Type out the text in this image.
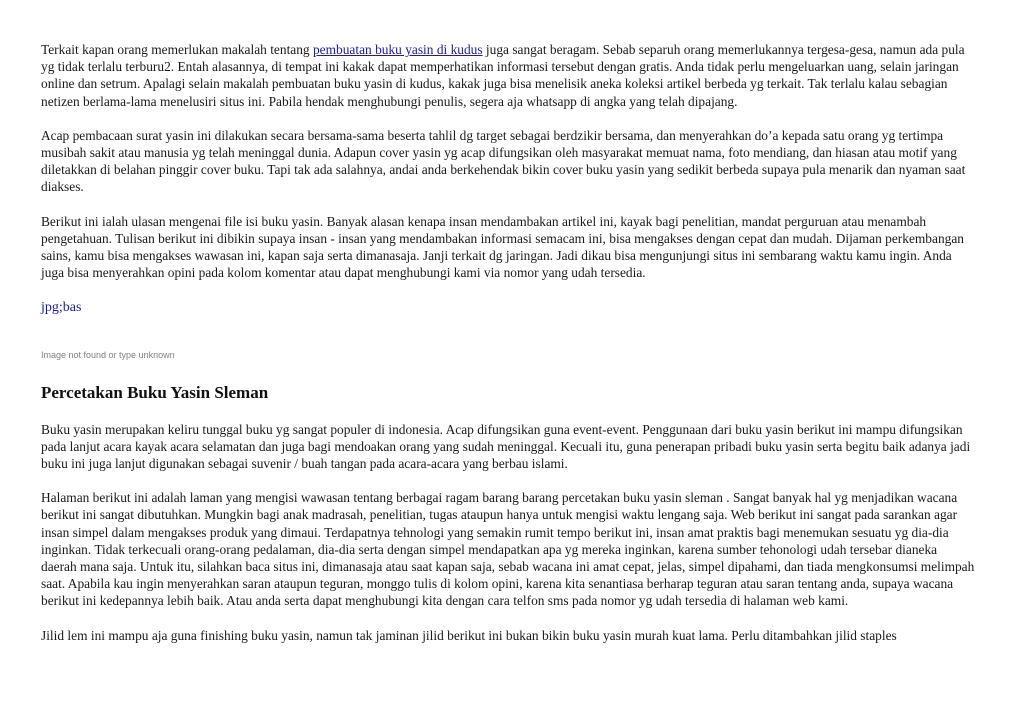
Terkait kapan orang memerlukan makalah tentang pembuatan buku yasin di kudus juga sangat beragam. Sebab separuh orang memerlukannya tergesa-gesa, namun ada pula yg tidak terlalu terburu2. Entah alasannya, di tempat ini kakak dapat memperhatikan informasi tersebut dengan gratis. Anda tidak perlu mengeluarkan uang, selain jaringan online dan setrum. Apalagi selain makalah pembuatan buku yasin di kudus, kakak juga bisa menelisik aneka koleksi artikel berbeda yg terkait. Tak terlalu kalau sebagian netizen berlama-lama menelusiri situs ini. Pabila hendak menghubungi penulis, segera aja whatsapp di angka yang telah dipajang.

Acap pembacaan surat yasin ini dilakukan secara bersama-sama beserta tahlil dg target sebagai berdzikir bersama, dan menyerahkan do’a kepada satu orang yg tertimpa musibah sakit atau manusia yg telah meninggal dunia. Adapun cover yasin yg acap difungsikan oleh masyarakat memuat nama, foto mendiang, dan hiasan atau motif yang diletakkan di belahan pinggir cover buku. Tapi tak ada salahnya, andai anda berkehendak bikin cover buku yasin yang sedikit berbeda supaya pula menarik dan nyaman saat diakses.

Berikut ini ialah ulasan mengenai file isi buku yasin. Banyak alasan kenapa insan mendambakan artikel ini, kayak bagi penelitian, mandat perguruan atau menambah pengetahuan. Tulisan berikut ini dibikin supaya insan - insan yang mendambakan informasi semacam ini, bisa mengakses dengan cepat dan mudah. Dijaman perkembangan sains, kamu bisa mengakses wawasan ini, kapan saja serta dimanasaja. Janji terkait dg jaringan. Jadi dikau bisa mengunjungi situs ini sembarang waktu kamu ingin. Anda juga bisa menyerahkan opini pada kolom komentar atau dapat menghubungi kami via nomor yang udah tersedia.

jpg;bas

Image not found or type unknown
Percetakan Buku Yasin Sleman

Buku yasin merupakan keliru tunggal buku yg sangat populer di indonesia. Acap difungsikan guna event-event. Penggunaan dari buku yasin berikut ini mampu difungsikan pada lanjut acara kayak acara selamatan dan juga bagi mendoakan orang yang sudah meninggal. Kecuali itu, guna penerapan pribadi buku yasin serta begitu baik adanya jadi buku ini juga lanjut digunakan sebagai suvenir / buah tangan pada acara-acara yang berbau islami.

Halaman berikut ini adalah laman yang mengisi wawasan tentang berbagai ragam barang barang percetakan buku yasin sleman . Sangat banyak hal yg menjadikan wacana berikut ini sangat dibutuhkan. Mungkin bagi anak madrasah, penelitian, tugas ataupun hanya untuk mengisi waktu lengang saja. Web berikut ini sangat pada sarankan agar insan simpel dalam mengakses produk yang dimaui. Terdapatnya tehnologi yang semakin rumit tempo berikut ini, insan amat praktis bagi menemukan sesuatu yg dia-dia inginkan. Tidak terkecuali orang-orang pedalaman, dia-dia serta dengan simpel mendapatkan apa yg mereka inginkan, karena sumber tehonologi udah tersebar dianeka daerah mana saja. Untuk itu, silahkan baca situs ini, dimanasaja atau saat kapan saja, sebab wacana ini amat cepat, jelas, simpel dipahami, dan tiada mengkonsumsi melimpah saat. Apabila kau ingin menyerahkan saran ataupun teguran, monggo tulis di kolom opini, karena kita senantiasa berharap teguran atau saran tentang anda, supaya wacana berikut ini kedepannya lebih baik. Atau anda serta dapat menghubungi kita dengan cara telfon sms pada nomor yg udah tersedia di halaman web kami.

Jilid lem ini mampu aja guna finishing buku yasin, namun tak jaminan jilid berikut ini bukan bikin buku yasin murah kuat lama. Perlu ditambahkan jilid staples
